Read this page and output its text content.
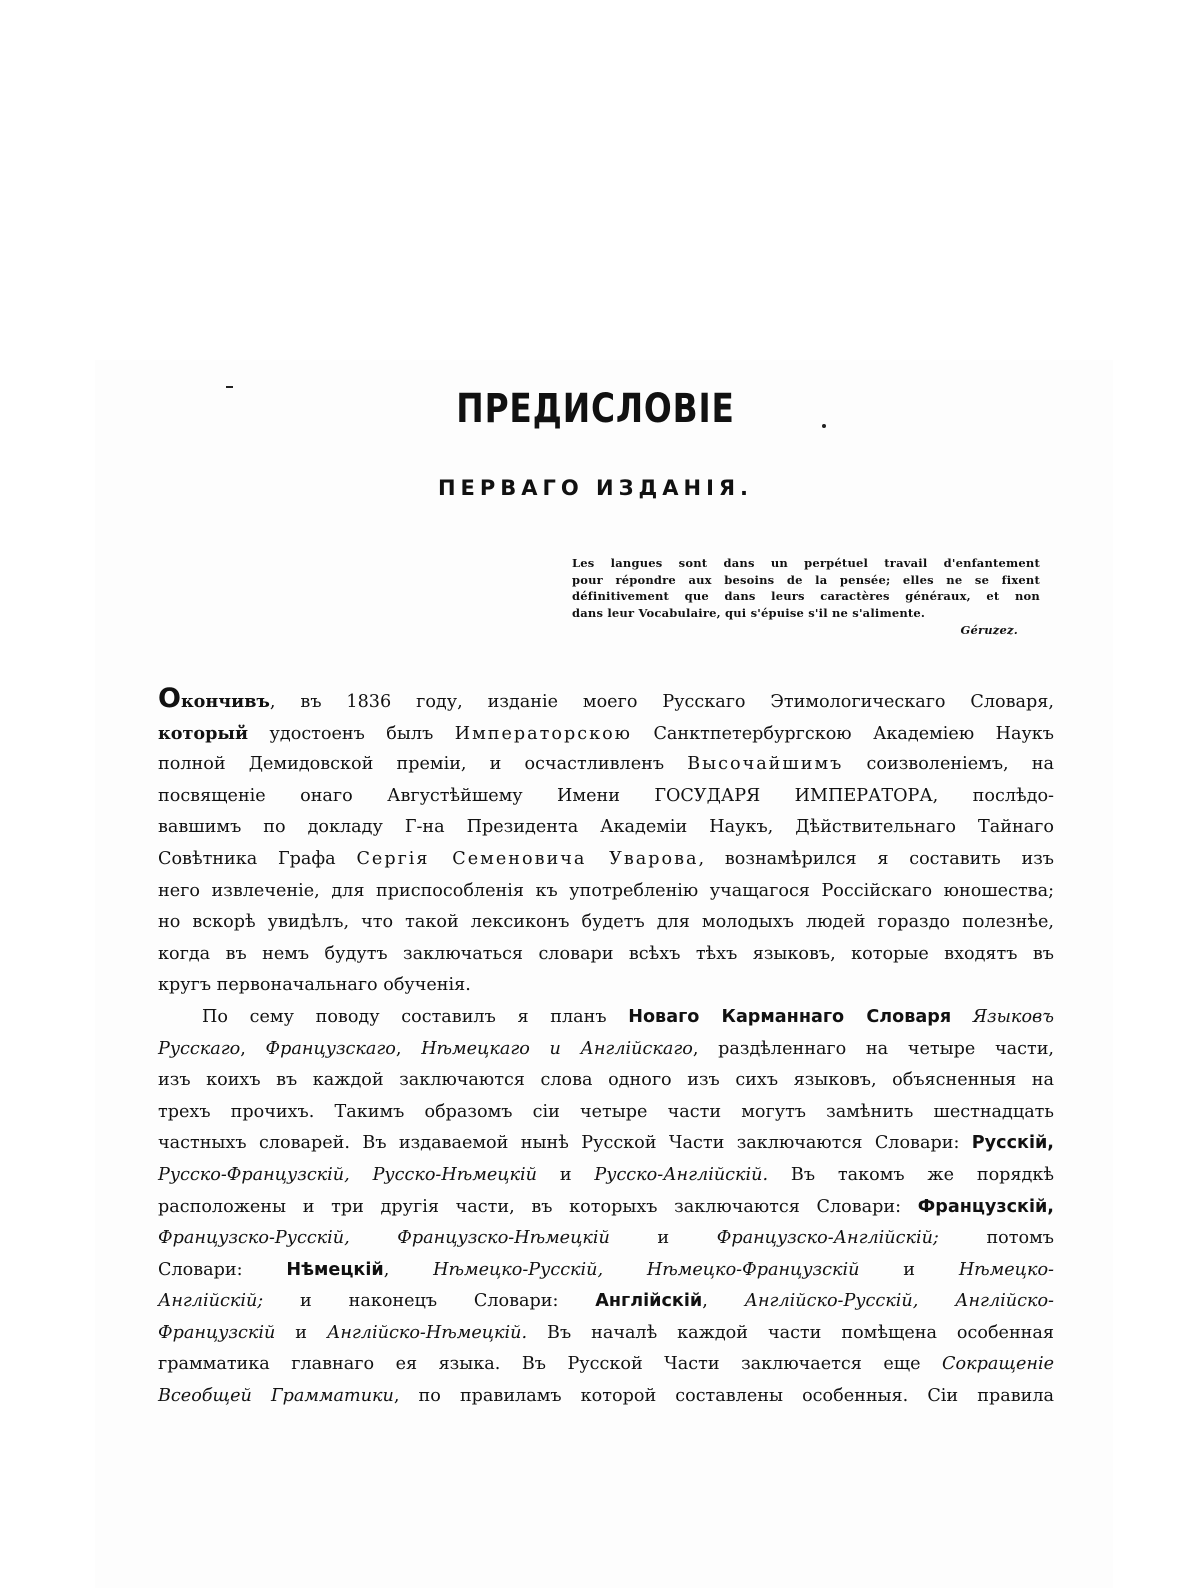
ПРЕДИСЛОВІЕ
ПЕРВАГО ИЗДАНІЯ.
Les langues sont dans un perpétuel travail d'enfantement
pour répondre aux besoins de la pensée; elles ne se fixent
définitivement que dans leurs caractères généraux, et non
dans leur Vocabulaire, qui s'épuise s'il ne s'alimente.
Géruzez.
Окончивъ, въ 1836 году, изданіе моего Русскаго Этимологическаго Словаря,
который удостоенъ былъ Императорскою Санктпетербургскою Академіею Наукъ
полной Демидовской преміи, и осчастливленъ Высочайшимъ соизволеніемъ, на
посвященіе онаго Августѣйшему Имени ГОСУДАРЯ ИМПЕРАТОРА, послѣдо-
вавшимъ по докладу Г-на Президента Академіи Наукъ, Дѣйствительнаго Тайнаго
Совѣтника Графа Сергія Семеновича Уварова, вознамѣрился я составить изъ
него извлеченіе, для приспособленія къ употребленію учащагося Россійскаго юношества;
но вскорѣ увидѣлъ, что такой лексиконъ будетъ для молодыхъ людей гораздо полезнѣе,
когда въ немъ будутъ заключаться словари всѣхъ тѣхъ языковъ, которые входятъ въ
кругъ первоначальнаго обученія.
По сему поводу составилъ я планъ Новаго Карманнаго Словаря Языковъ
Русскаго, Французскаго, Нѣмецкаго и Англійскаго, раздѣленнаго на четыре части,
изъ коихъ въ каждой заключаются слова одного изъ сихъ языковъ, объясненныя на
трехъ прочихъ. Такимъ образомъ сіи четыре части могутъ замѣнить шестнадцать
частныхъ словарей. Въ издаваемой нынѣ Русской Части заключаются Словари: Русскій,
Русско-Французскій, Русско-Нѣмецкій и Русско-Англійскій. Въ такомъ же порядкѣ
расположены и три другія части, въ которыхъ заключаются Словари: Французскій,
Французско-Русскій, Французско-Нѣмецкій и Французско-Англійскій; потомъ
Словари: Нѣмецкій, Нѣмецко-Русскій, Нѣмецко-Французскій и Нѣмецко-
Англійскій; и наконецъ Словари: Англійскій, Англійско-Русскій, Англійско-
Французскій и Англійско-Нѣмецкій. Въ началѣ каждой части помѣщена особенная
грамматика главнаго ея языка. Въ Русской Части заключается еще Сокращеніе
Всеобщей Грамматики, по правиламъ которой составлены особенныя. Сіи правила
